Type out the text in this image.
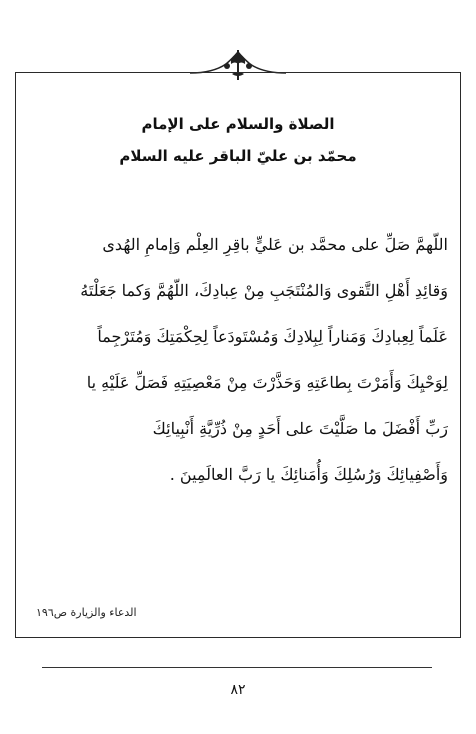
الصلاة والسلام على الإمام
محمّد بن عليّ الباقر عليه السلام
اللّهمَّ صَلِّ على محمَّد بن عَليٍّ باقِرِ العِلْم وَإمامِ الهُدى
وَقائِدِ أَهْلِ التَّقوى وَالمُنْتَجَبِ مِنْ عِبادِكَ، اللّهُمَّ وَكما جَعَلْتَهُ
عَلَماً لِعِبادِكَ وَمَناراً لِبِلادِكَ وَمُسْتَودَعاً لِحِكْمَتِكَ وَمُتَرْجِماً
لِوَحْيِكَ وَأَمَرْتَ بِطاعَتِهِ وَحَذَّرْتَ مِنْ مَعْصِيَتِهِ فَصَلِّ عَلَيْهِ يا
رَبِّ أَفْضَلَ ما صَلَّيْتَ على أَحَدٍ مِنْ ذُرِّيَّةِ أَنْبِيائِكَ
وَأَصْفِيائِكَ وَرُسُلِكَ وَأُمَنائِكَ يا رَبَّ العالَمِينَ .
الدعاء والزيارة ص١٩٦
٨٢
